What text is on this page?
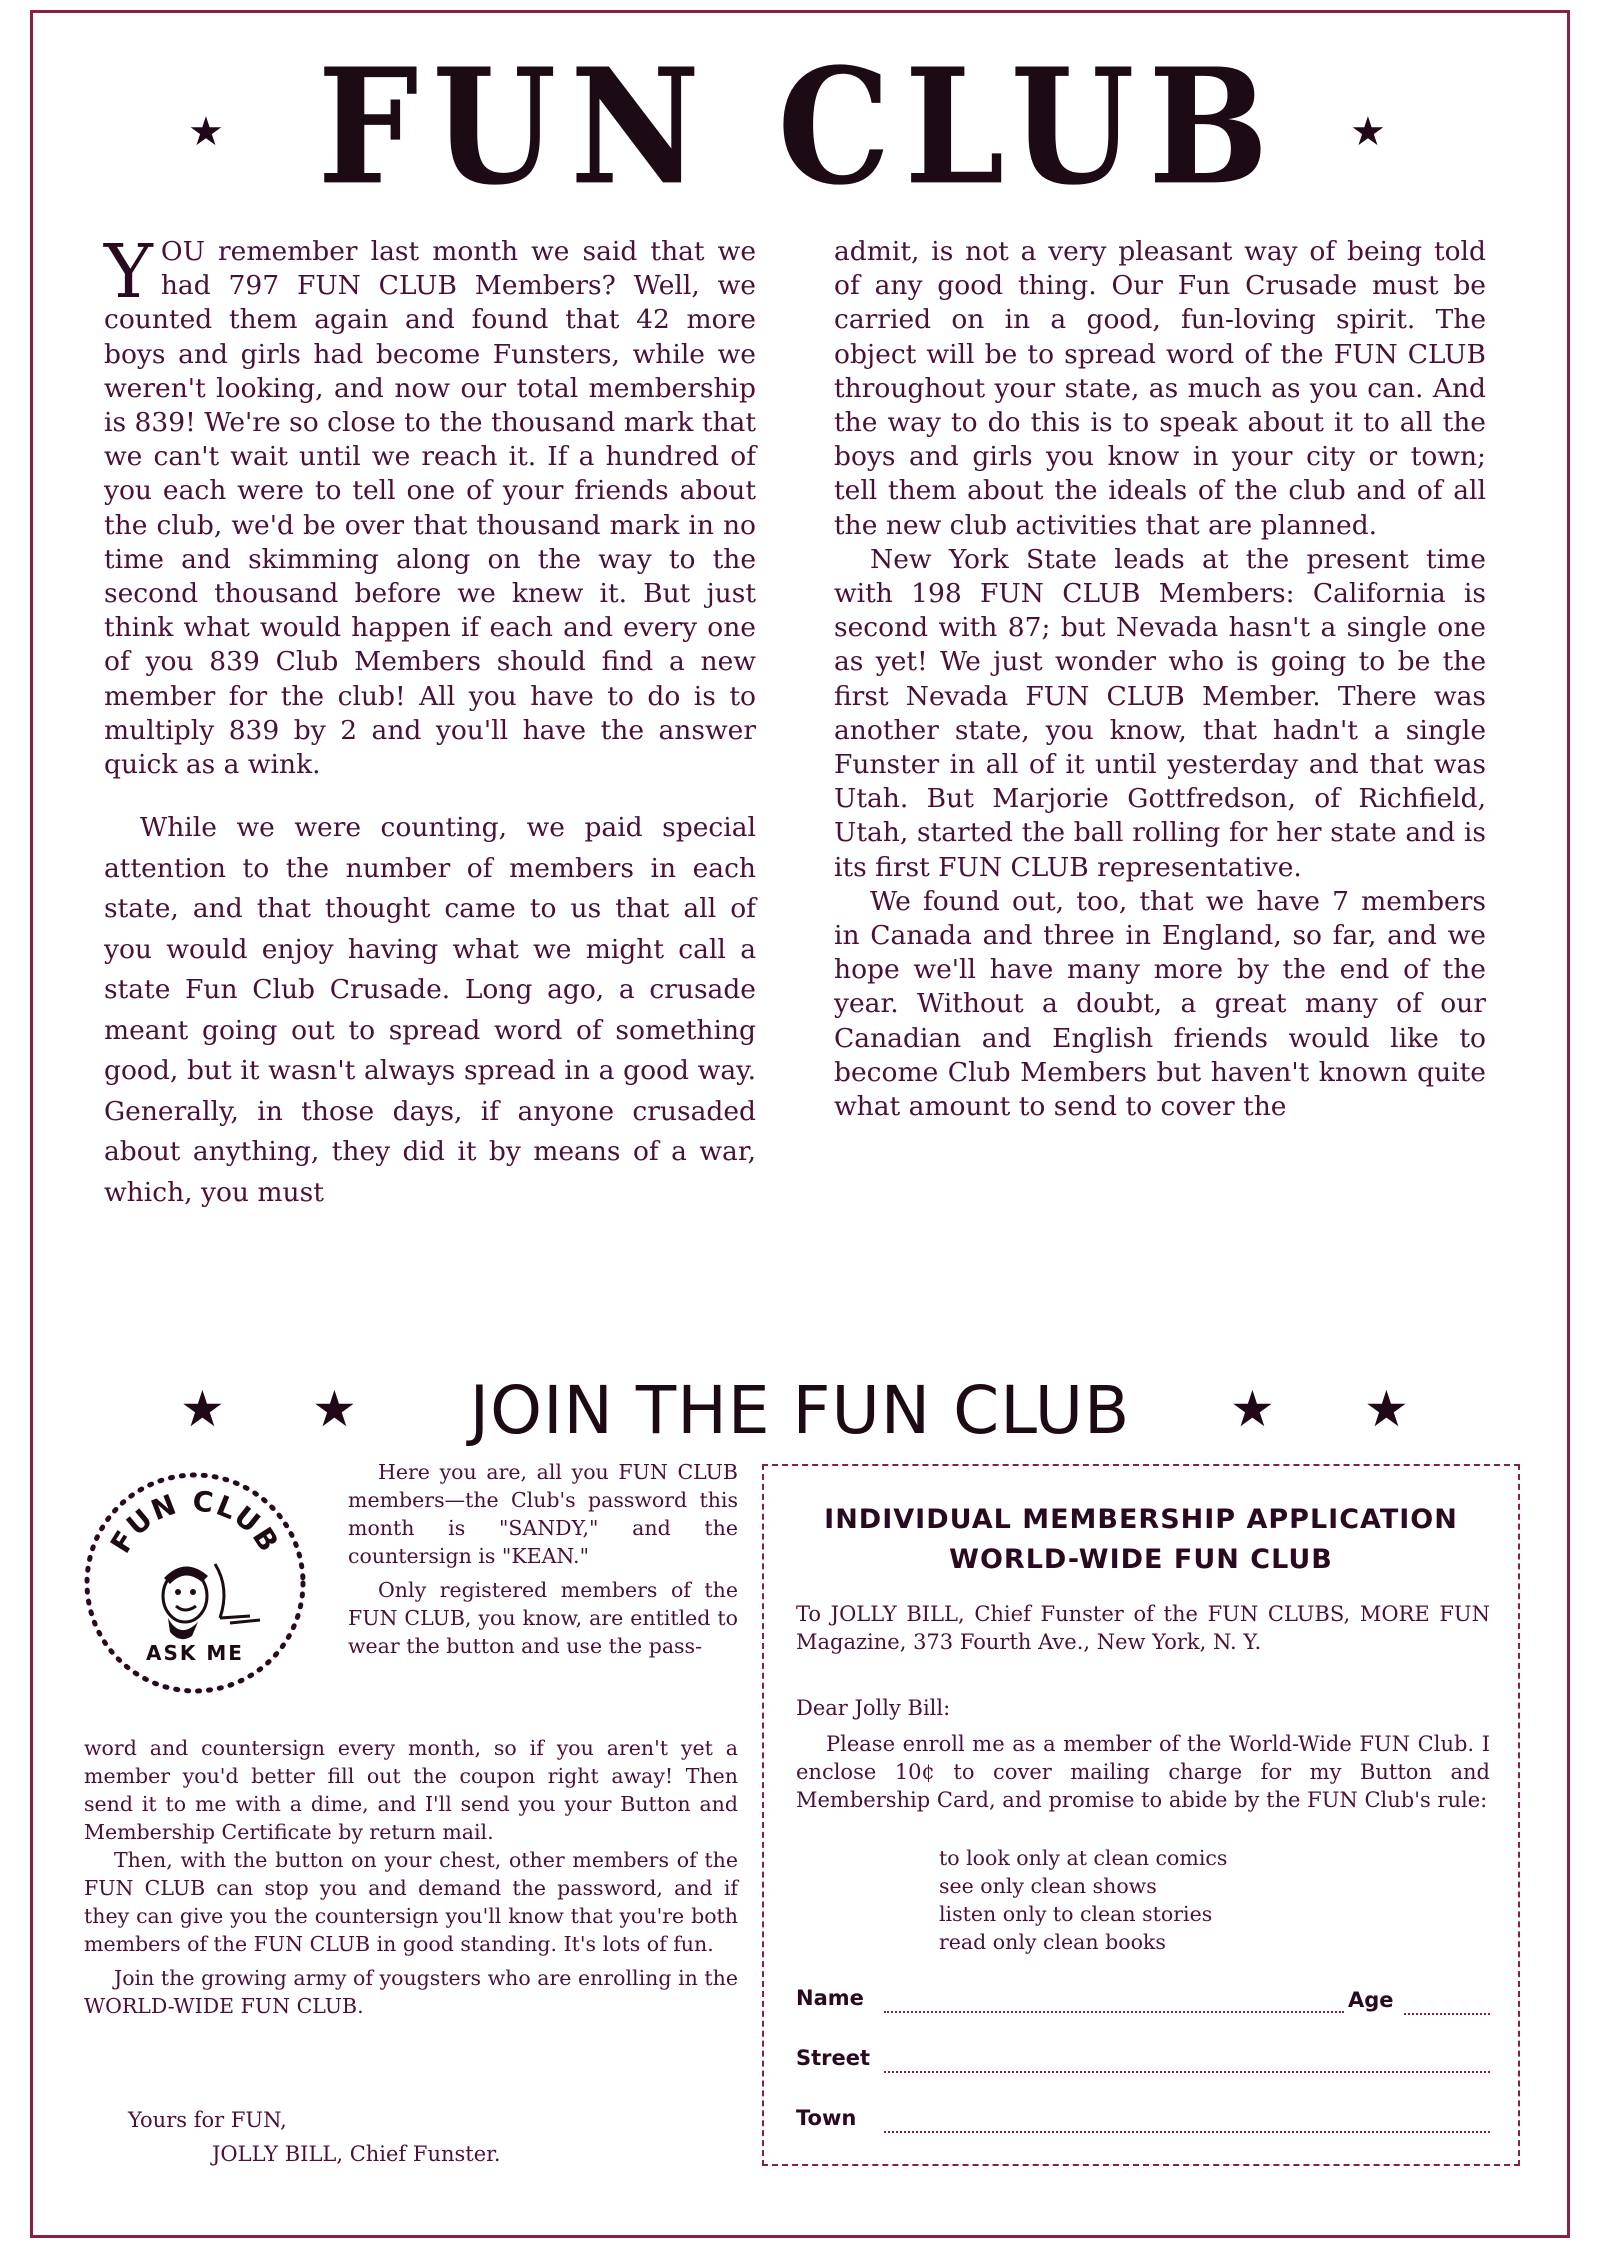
★ FUN CLUB	★

YOU remember last month we said that we had 797 FUN CLUB Members? Well, we counted them again and found that 42 more boys and girls had become Funsters, while we weren't looking, and now our total membership is 839! We're so close to the thousand mark that we can't wait until we reach it. If a hundred of you each were to tell one of your friends about the club, we'd be over that thousand mark in no time and skimming along on the way to the second thousand before we knew it. But just think what would happen if each and every one of you 839 Club Members should find a new member for the club! All you have to do is to multiply 839 by 2 and you'll have the answer quick as a wink.

While we were counting, we paid special attention to the number of members in each state, and that thought came to us that all of you would enjoy having what we might call a state Fun Club Crusade. Long ago, a crusade meant going out to spread word of something good, but it wasn't always spread in a good way. Generally, in those days, if anyone crusaded about anything, they did it by means of a war, which, you must

admit, is not a very pleasant way of being told of any good thing. Our Fun Crusade must be carried on in a good, fun-loving spirit. The object will be to spread word of the FUN CLUB throughout your state, as much as you can. And the way to do this is to speak about it to all the boys and girls you know in your city or town; tell them about the ideals of the club and of all the new club activities that are planned.

New York State leads at the present time with 198 FUN CLUB Members: California is second with 87; but Nevada hasn't a single one as yet! We just wonder who is going to be the first Nevada FUN CLUB Member. There was another state, you know, that hadn't a single Funster in all of it until yesterday and that was Utah. But Marjorie Gottfredson, of Richfield, Utah, started the ball rolling for her state and is its first FUN CLUB representative.

We found out, too, that we have 7 members in Canada and three in England, so far, and we hope we'll have many more by the end of the year. Without a doubt, a great many of our Canadian and English friends would like to become Club Members but haven't known quite what amount to send to cover the

★ ★	JOIN THE FUN CLUB	★ ★
FUN CLUB
ASK ME

Here you are, all you FUN CLUB members—the Club's password this month is "SANDY," and the countersign is "KEAN."

Only registered members of the FUN CLUB, you know, are entitled to wear the button and use the pass-

word and countersign every month, so if you aren't yet a member you'd better fill out the coupon right away! Then send it to me with a dime, and I'll send you your Button and Membership Certificate by return mail.

Then, with the button on your chest, other members of the FUN CLUB can stop you and demand the password, and if they can give you the countersign you'll know that you're both members of the FUN CLUB in good standing. It's lots of fun.

Join the growing army of yougsters who are enrolling in the WORLD-WIDE FUN CLUB.

Yours for FUN,
JOLLY BILL, Chief Funster.
INDIVIDUAL MEMBERSHIP APPLICATION
WORLD-WIDE FUN CLUB
To JOLLY BILL, Chief Funster of the FUN CLUBS, MORE FUN Magazine, 373 Fourth Ave., New York, N. Y.
Dear Jolly Bill:
Please enroll me as a member of the World-Wide FUN Club. I enclose 10¢ to cover mailing charge for my Button and Membership Card, and promise to abide by the FUN Club's rule:
to look only at clean comics
see only clean shows
listen only to clean stories
read only clean books
Name	Age
Street
Town
comicbooks.com
